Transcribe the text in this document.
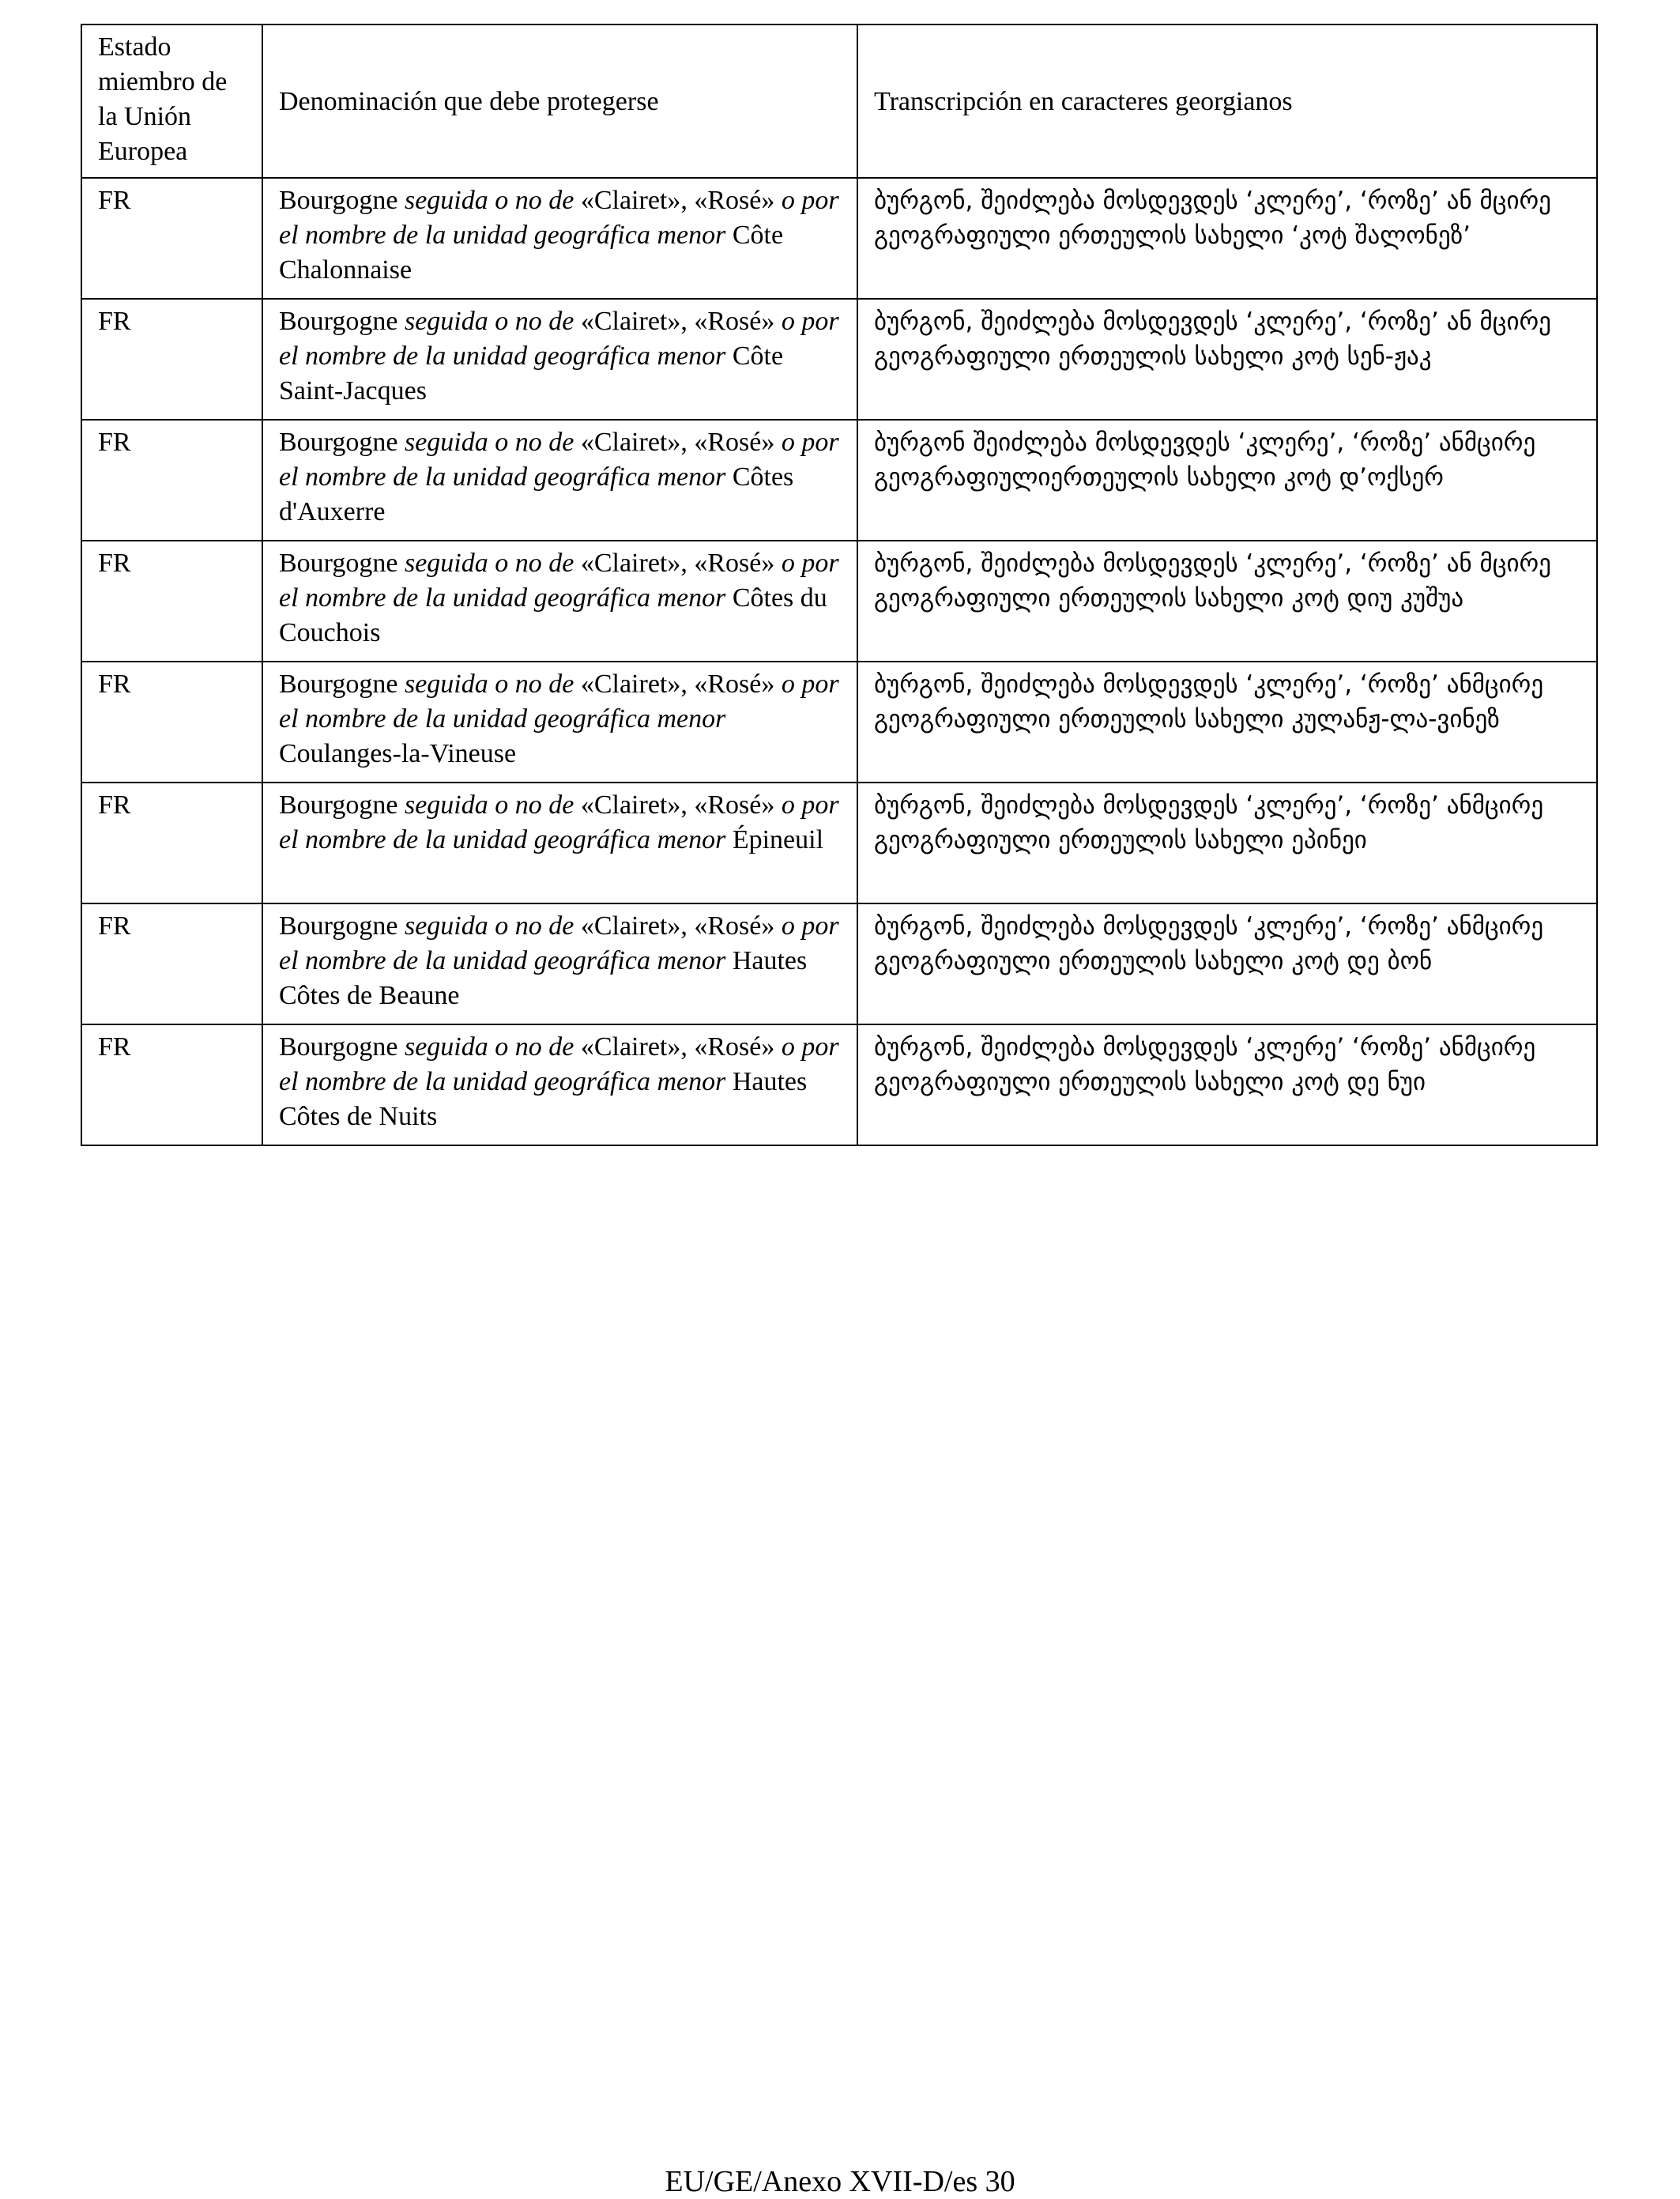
Estado miembro de la Unión Europea	Denominación que debe protegerse	Transcripción en caracteres georgianos
FR	Bourgogne seguida o no de «Clairet», «Rosé» o por el nombre de la unidad geográfica menor Côte Chalonnaise	ბურგონ, შეიძლება მოსდევდეს ‘კლერე’, ‘როზე’ ან მცირე გეოგრაფიული ერთეულის სახელი ‘კოტ შალონეზ’
FR	Bourgogne seguida o no de «Clairet», «Rosé» o por el nombre de la unidad geográfica menor Côte Saint-Jacques	ბურგონ, შეიძლება მოსდევდეს ‘კლერე’, ‘როზე’ ან მცირე გეოგრაფიული ერთეულის სახელი კოტ სენ-ჟაკ
FR	Bourgogne seguida o no de «Clairet», «Rosé» o por el nombre de la unidad geográfica menor Côtes d'Auxerre	ბურგონ შეიძლება მოსდევდეს ‘კლერე’, ‘როზე’ ანმცირე გეოგრაფიულიერთეულის სახელი კოტ დ’ოქსერ
FR	Bourgogne seguida o no de «Clairet», «Rosé» o por el nombre de la unidad geográfica menor Côtes du Couchois	ბურგონ, შეიძლება მოსდევდეს ‘კლერე’, ‘როზე’ ან მცირე გეოგრაფიული ერთეულის სახელი კოტ დიუ კუშუა
FR	Bourgogne seguida o no de «Clairet», «Rosé» o por el nombre de la unidad geográfica menor Coulanges-la-Vineuse	ბურგონ, შეიძლება მოსდევდეს ‘კლერე’, ‘როზე’ ანმცირე გეოგრაფიული ერთეულის სახელი კულანჟ-ლა-ვინეზ
FR	Bourgogne seguida o no de «Clairet», «Rosé» o por el nombre de la unidad geográfica menor Épineuil	ბურგონ, შეიძლება მოსდევდეს ‘კლერე’, ‘როზე’ ანმცირე გეოგრაფიული ერთეულის სახელი ეპინეი
FR	Bourgogne seguida o no de «Clairet», «Rosé» o por el nombre de la unidad geográfica menor Hautes Côtes de Beaune	ბურგონ, შეიძლება მოსდევდეს ‘კლერე’, ‘როზე’ ანმცირე გეოგრაფიული ერთეულის სახელი კოტ დე ბონ
FR	Bourgogne seguida o no de «Clairet», «Rosé» o por el nombre de la unidad geográfica menor Hautes Côtes de Nuits	ბურგონ, შეიძლება მოსდევდეს ‘კლერე’ ‘როზე’ ანმცირე გეოგრაფიული ერთეულის სახელი კოტ დე ნუი
EU/GE/Anexo XVII-D/es 30
